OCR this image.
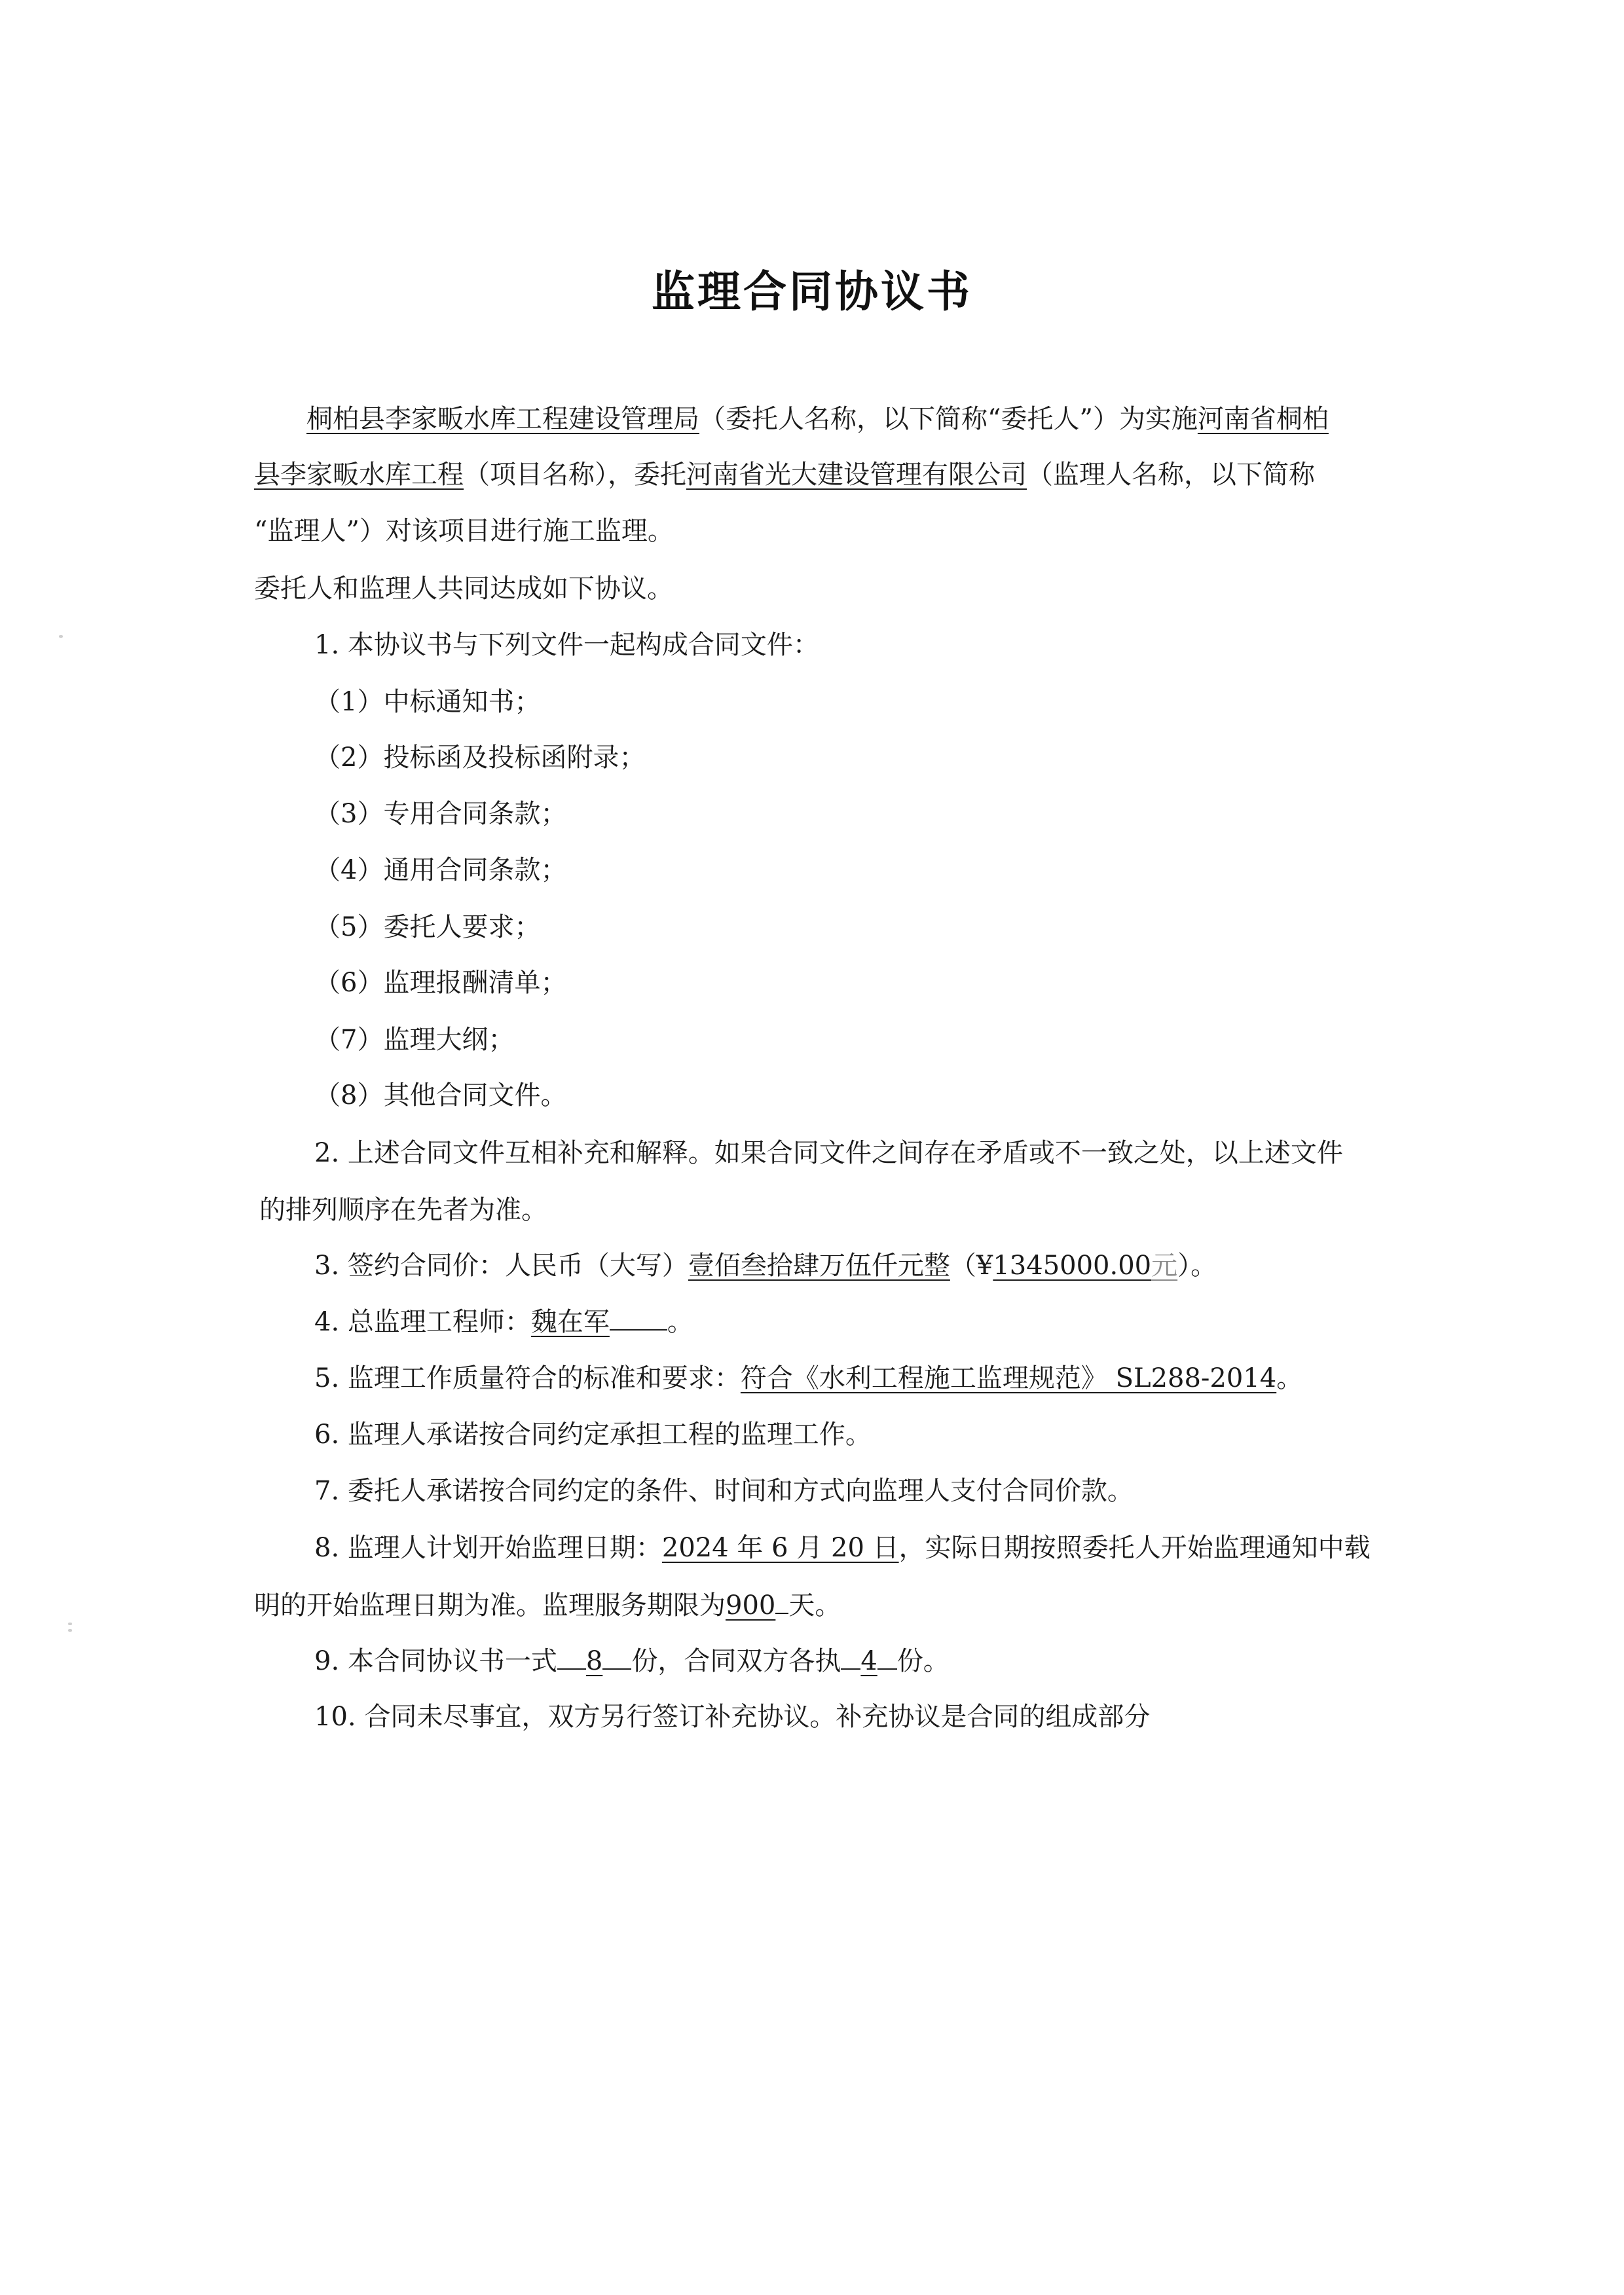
监理合同协议书
桐柏县李家畈水库工程建设管理局（委托人名称，以下简称“委托人”）为实施河南省桐柏
县李家畈水库工程（项目名称），委托河南省光大建设管理有限公司（监理人名称，以下简称
“监理人”）对该项目进行施工监理。
委托人和监理人共同达成如下协议。
1. 本协议书与下列文件一起构成合同文件：
（1）中标通知书；
（2）投标函及投标函附录；
（3）专用合同条款；
（4）通用合同条款；
（5）委托人要求；
（6）监理报酬清单；
（7）监理大纲；
（8）其他合同文件。
2. 上述合同文件互相补充和解释。如果合同文件之间存在矛盾或不一致之处，以上述文件
的排列顺序在先者为准。
3. 签约合同价：人民币（大写）壹佰叁拾肆万伍仟元整（¥1345000.00元）。
4. 总监理工程师：魏在军 。
5. 监理工作质量符合的标准和要求：符合《水利工程施工监理规范》 SL288-2014。
6. 监理人承诺按合同约定承担工程的监理工作。
7. 委托人承诺按合同约定的条件、时间和方式向监理人支付合同价款。
8. 监理人计划开始监理日期：2024 年 6 月 20 日，实际日期按照委托人开始监理通知中载
明的开始监理日期为准。监理服务期限为900 天。
9. 本合同协议书一式 8 份，合同双方各执 4 份。
10. 合同未尽事宜，双方另行签订补充协议。补充协议是合同的组成部分
